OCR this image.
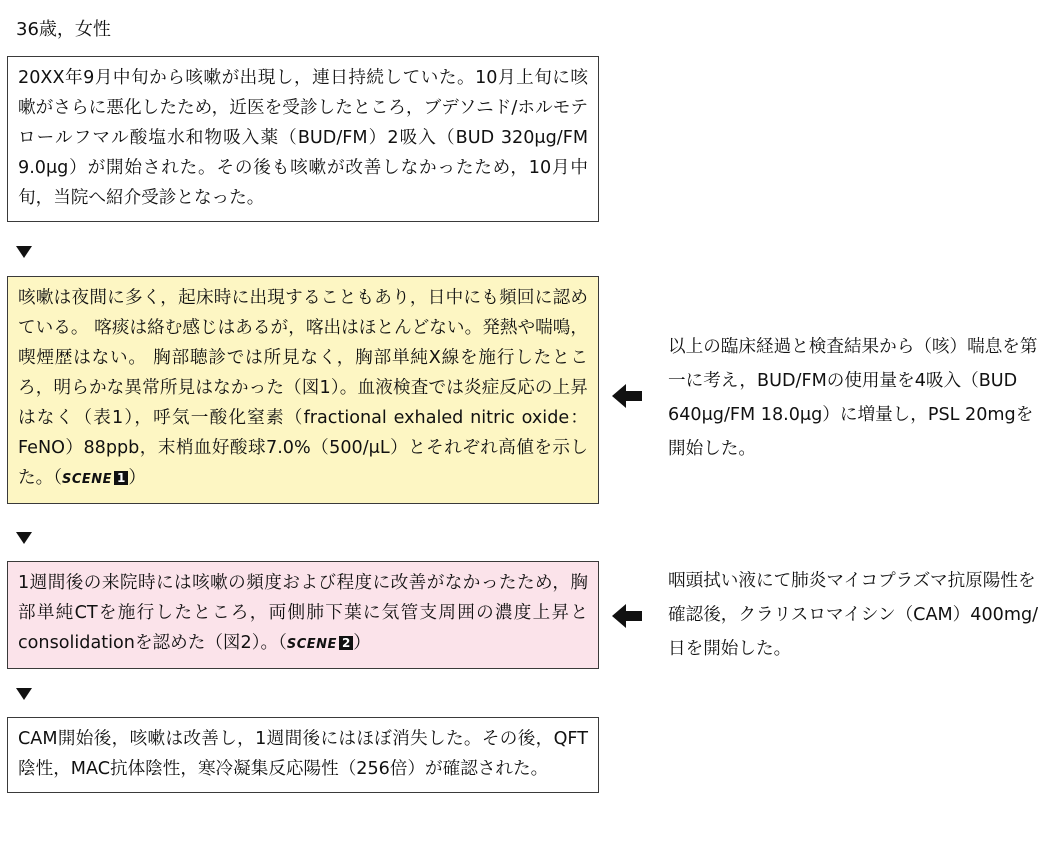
36歳，女性

20XX年9月中旬から咳嗽が出現し，連日持続していた。10月上旬に咳嗽がさらに悪化したため，近医を受診したところ，ブデソニド/ホルモテロールフマル酸塩水和物吸入薬（BUD/FM）2吸入（BUD 320μg/FM 9.0μg）が開始された。その後も咳嗽が改善しなかったため，10月中旬，当院へ紹介受診となった。

咳嗽は夜間に多く，起床時に出現することもあり，日中にも頻回に認めている。 喀痰は絡む感じはあるが，喀出はほとんどない。発熱や喘鳴，喫煙歴はない。 胸部聴診では所見なく，胸部単純X線を施行したところ，明らかな異常所見はなかった（図1）。血液検査では炎症反応の上昇はなく（表1），呼気一酸化窒素（fractional exhaled nitric oxide：FeNO）88ppb，末梢血好酸球7.0%（500/μL）とそれぞれ高値を示した。（SCENE 1 ）

1週間後の来院時には咳嗽の頻度および程度に改善がなかったため，胸部単純CTを施行したところ，両側肺下葉に気管支周囲の濃度上昇とconsolidationを認めた（図2）。（SCENE 2 ）

CAM開始後，咳嗽は改善し，1週間後にはほぼ消失した。その後，QFT陰性，MAC抗体陰性，寒冷凝集反応陽性（256倍）が確認された。

以上の臨床経過と検査結果から（咳）喘息を第一に考え，BUD/FMの使用量を4吸入（BUD 640μg/FM 18.0μg）に増量し，PSL 20mgを開始した。
咽頭拭い液にて肺炎マイコプラズマ抗原陽性を確認後，クラリスロマイシン（CAM）400mg/日を開始した。
